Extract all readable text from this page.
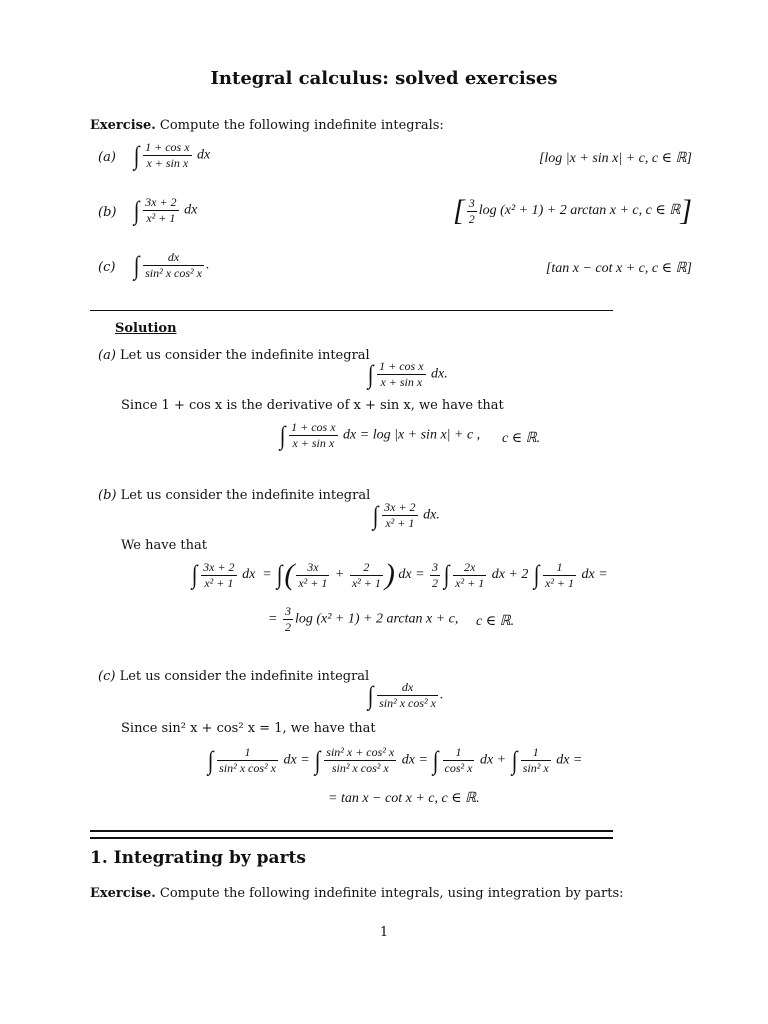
Integral calculus: solved exercises
Exercise. Compute the following indefinite integrals:
(a) ∫ $\frac{\text{1 + cos x}}{\text{x + sin x}}$ dx	[log |x + sin x| + c, c ∈ ℝ]
(b) ∫ $\frac{3x + 2}{\text{x² + 1}}$ dx	[ $\frac{3}{2}$ log (x² + 1) + 2 arctan x + c, c ∈ ℝ]
(c) ∫ $\frac{dx}{\text{sin² x cos² x}}$ .	[tan x − cot x + c, c ∈ ℝ]
Solution
(a) Let us consider the indefinite integral
∫ $\frac{\text{1 + cos x}}{\text{x + sin x}}$ dx.
Since 1 + cos x is the derivative of x + sin x, we have that
∫ $\frac{\text{1 + cos x}}{\text{x + sin x}}$ dx = log |x + sin x| + c , c ∈ ℝ.
(b) Let us consider the indefinite integral
∫ $\frac{3x + 2}{\text{x² + 1}}$ dx.
We have that
∫ $\frac{3x + 2}{\text{x² + 1}}$ dx  = ∫( $\frac{3x}{\text{x² + 1}} + \frac{2}{\text{x² + 1}}$ ) dx = $\frac{3}{2}$ ∫ $\frac{2x}{\text{x² + 1}}$ dx + 2 ∫ $\frac{1}{\text{x² + 1}}$ dx =
= $\frac{3}{2}$ log (x² + 1) + 2 arctan x + c, c ∈ ℝ.
(c) Let us consider the indefinite integral
∫ $\frac{dx}{\text{sin² x cos² x}}$ .
Since sin² x + cos² x = 1, we have that
∫ $\frac{1}{\text{sin² x cos² x}}$ dx = ∫ $\frac{\text{sin² x + cos² x}}{\text{sin² x cos² x}}$ dx = ∫ $\frac{1}{\text{cos² x}}$ dx + ∫ $\frac{1}{\text{sin² x}}$ dx =
= tan x − cot x + c, c ∈ ℝ.
1. Integrating by parts
Exercise. Compute the following indefinite integrals, using integration by parts:
1
